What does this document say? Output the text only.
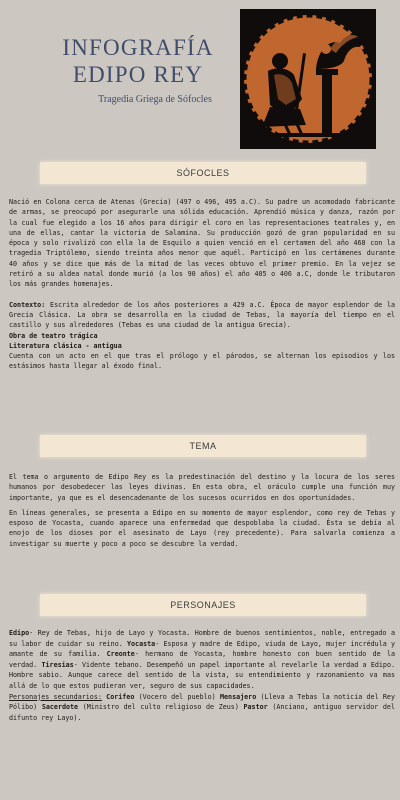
INFOGRAFÍA
EDIPO REY
Tragedia Griega de Sófocles
SÓFOCLES

Nació en Colona cerca de Atenas (Grecia) (497 o 496, 495 a.C). Su padre un acomodado fabricante de armas, se preocupó por asegurarle una sólida educación. Aprendió música y danza, razón por la cual fue elegido a los 16 años para dirigir el coro en las representaciones teatrales y, en una de ellas, cantar la victoria de Salamina. Su producción gozó de gran popularidad en su época y solo rivalizó con ella la de Esquilo a quien venció en el certamen del año 468 con la tragedia Triptólemo, siendo treinta años menor que aquél. Participó en los certámenes durante 40 años y se dice que más de la mitad de las veces obtuvo el primer premio. En la vejez se retiró a su aldea natal donde murió (a los 90 años) el año 405 o 406 a.C, donde le tributaron los más grandes homenajes.

Contexto: Escrita alrededor de los años posteriores a 429 a.C. Época de mayor esplendor de la Grecia Clásica. La obra se desarrolla en la ciudad de Tebas, la mayoría del tiempo en el castillo y sus alrededores (Tebas es una ciudad de la antigua Grecia).

Obra de teatro trágica

Literatura clásica - antigua

Cuenta con un acto en el que tras el prólogo y el párodos, se alternan los episodios y los estásimos hasta llegar al éxodo final.

TEMA

El tema o argumento de Edipo Rey es la predestinación del destino y la locura de los seres humanos por desobedecer las leyes divinas. En esta obra, el oráculo cumple una función muy importante, ya que es el desencadenante de los sucesos ocurridos en dos oportunidades.

En líneas generales, se presenta a Edipo en su momento de mayor esplendor, como rey de Tebas y esposo de Yocasta, cuando aparece una enfermedad que despoblaba la ciudad. Ésta se debía al enojo de los dioses por el asesinato de Layo (rey precedente). Para salvarla comienza a investigar su muerte y poco a poco se descubre la verdad.

PERSONAJES

Edipo- Rey de Tebas, hijo de Layo y Yocasta. Hombre de buenos sentimientos, noble, entregado a su labor de cuidar su reino. Yocasta- Esposa y madre de Edipo, viuda de Layo, mujer incrédula y amante de su familia. Creonte- hermano de Yocasta, hombre honesto con buen sentido de la verdad. Tiresias- Vidente tebano. Desempeñó un papel importante al revelarle la verdad a Edipo. Hombre sabio. Aunque carece del sentido de la vista, su entendimiento y razonamiento va mas allá de lo que estos pudieran ver, seguro de sus capacidades.

Personajes secundarios: Corifeo (Vocero del pueblo) Mensajero (Lleva a Tebas la noticia del Rey Pólibo) Sacerdote (Ministro del culto religioso de Zeus) Pastor (Anciano, antiguo servidor del difunto rey Layo).
